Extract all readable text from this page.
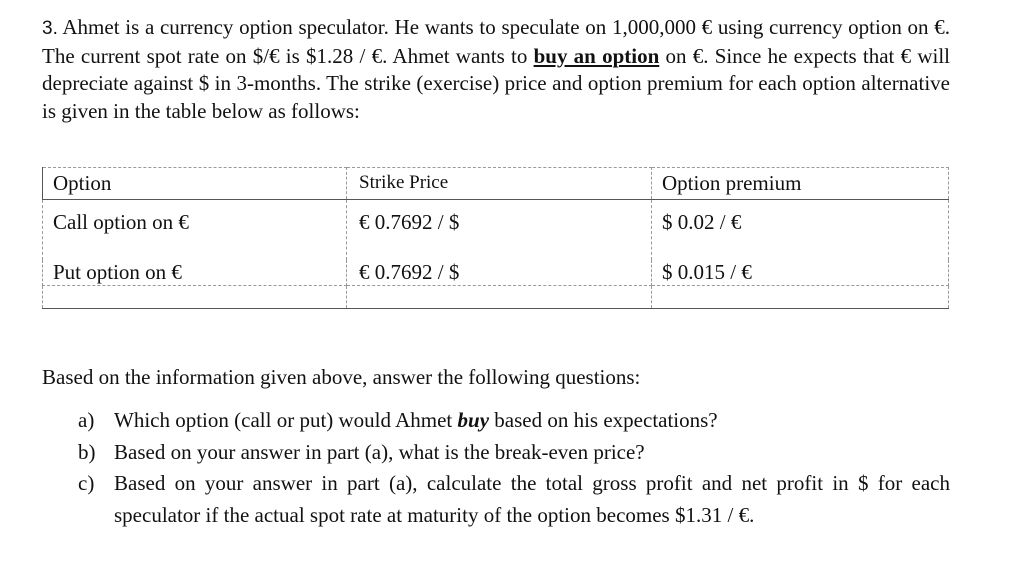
3. Ahmet is a currency option speculator. He wants to speculate on 1,000,000 € using currency option on €. The current spot rate on $/€ is $1.28 / €. Ahmet wants to buy an option on €. Since he expects that € will depreciate against $ in 3-months. The strike (exercise) price and option premium for each option alternative is given in the table below as follows:
Option	Strike Price	Option premium
Call option on €	€ 0.7692 / $	$ 0.02 / €
Put option on €	€ 0.7692 / $	$ 0.015 / €

Based on the information given above, answer the following questions:
a) Which option (call or put) would Ahmet buy based on his expectations?
b) Based on your answer in part (a), what is the break-even price?
c) Based on your answer in part (a), calculate the total gross profit and net profit in $ for each speculator if the actual spot rate at maturity of the option becomes $1.31 / €.
